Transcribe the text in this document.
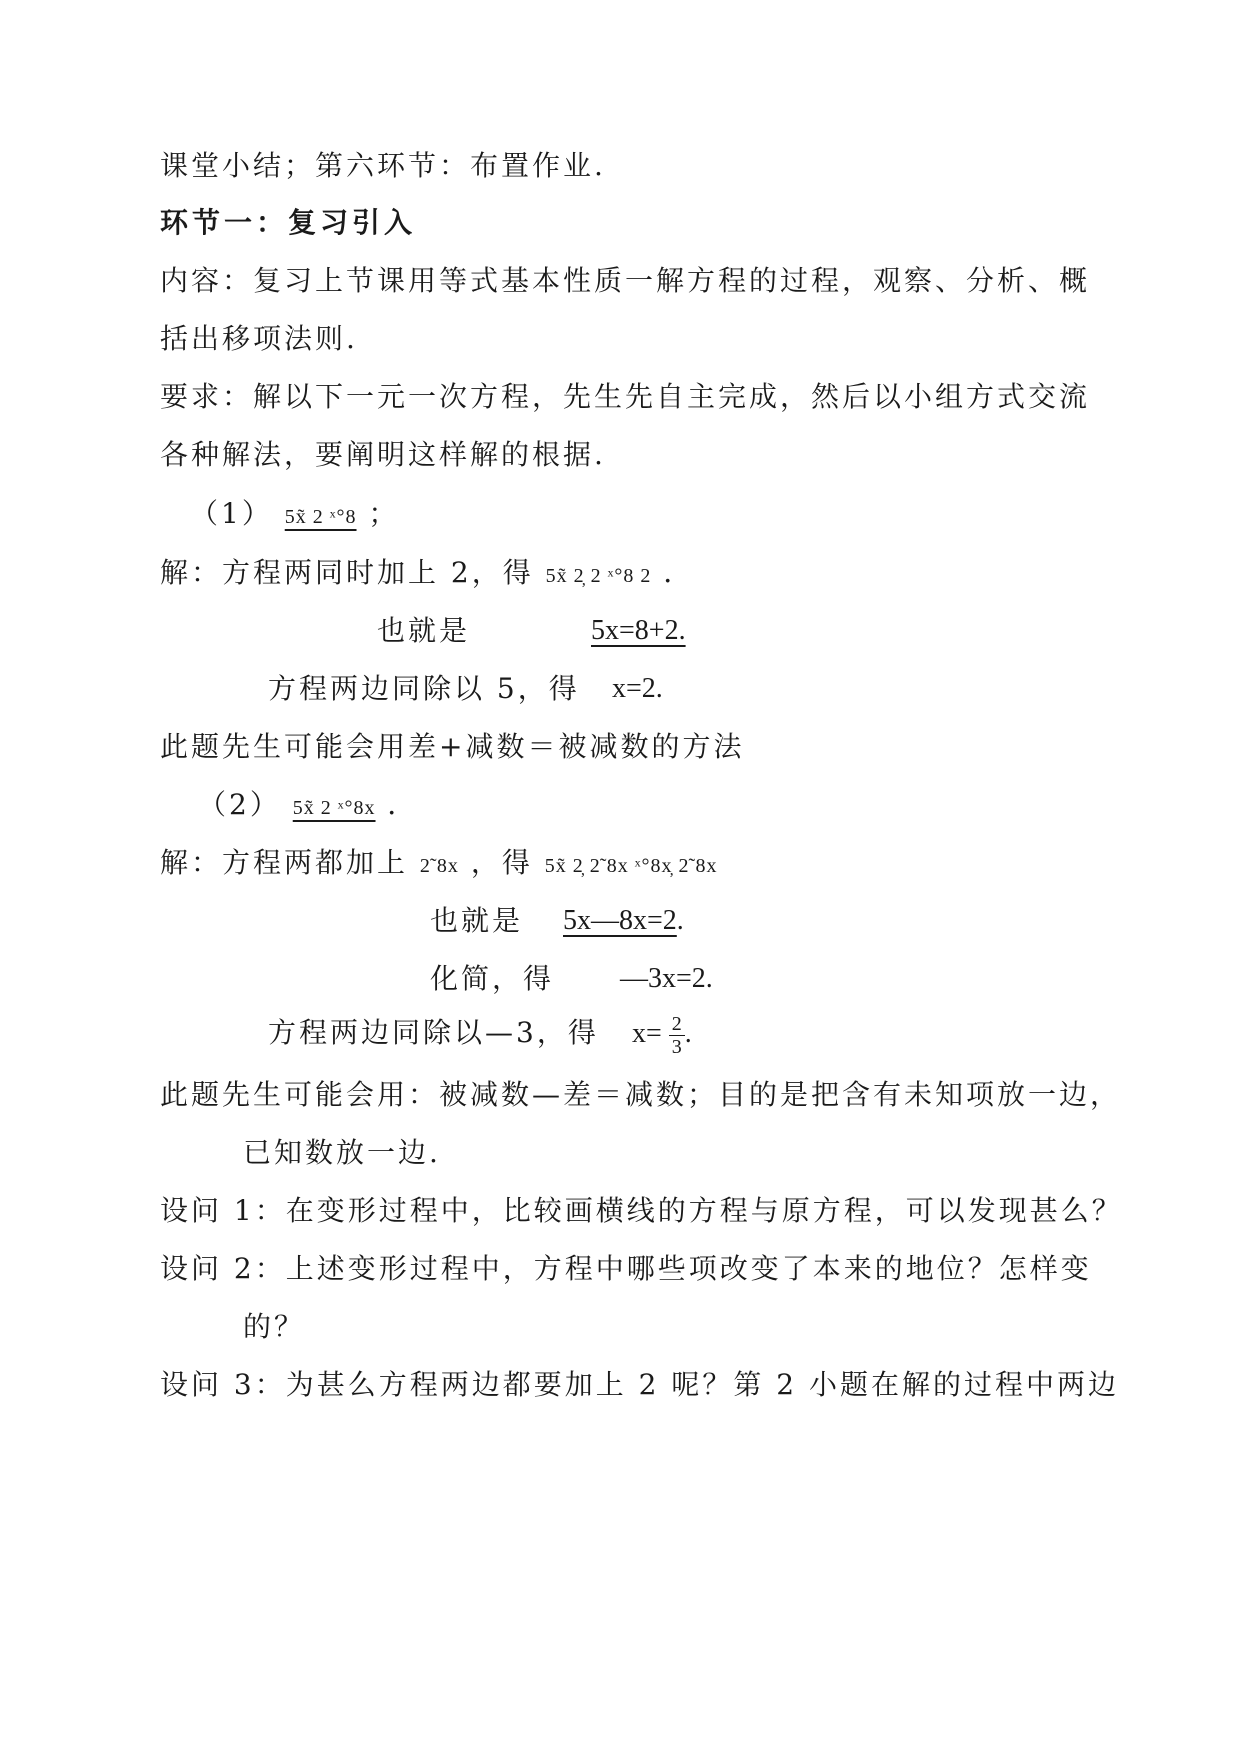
课堂小结；第六环节：布置作业.
环节一：复习引入
内容：复习上节课用等式基本性质一解方程的过程，观察、分析、概
括出移项法则.
要求：解以下一元一次方程，先生先自主完成，然后以小组方式交流
各种解法，要阐明这样解的根据.
（1） 5x̃ 2 ˣ°8 ；
解：方程两同时加上 2，得 5x̃ 2̦ 2 ˣ°8 2 ．
也就是	5x=8+2.
方程两边同除以 5，得 x=2.
此题先生可能会用差+减数＝被减数的方法
（2） 5x̃ 2 ˣ°8x ．
解：方程两都加上 2̃ 8x ，得 5x̃ 2̦ 2̃ 8x ˣ°8x̦ 2̃ 8x
也就是 5x—8x=2.
化简，得 —3x=2.
方程两边同除以—3，得 $x= \frac{2}{3}$ .
此题先生可能会用：被减数—差＝减数；目的是把含有未知项放一边，
已知数放一边.
设问 1：在变形过程中，比较画横线的方程与原方程，可以发现甚么？
设问 2：上述变形过程中，方程中哪些项改变了本来的地位？怎样变
的？
设问 3：为甚么方程两边都要加上 2 呢？第 2 小题在解的过程中两边
